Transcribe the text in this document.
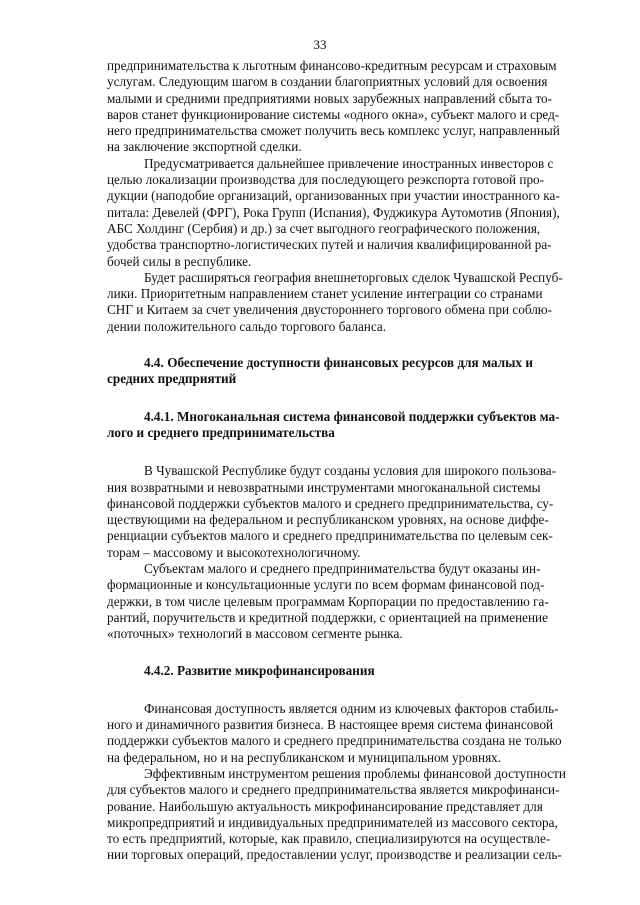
33
предпринимательства к льготным финансово-кредитным ресурсам и страховым
услугам. Следующим шагом в создании благоприятных условий для освоения
малыми и средними предприятиями новых зарубежных направлений сбыта то-
варов станет функционирование системы «одного окна», субъект малого и сред-
него предпринимательства сможет получить весь комплекс услуг, направленный
на заключение экспортной сделки.
Предусматривается дальнейшее привлечение иностранных инвесторов с
целью локализации производства для последующего реэкспорта готовой про-
дукции (наподобие организаций, организованных при участии иностранного ка-
питала: Девелей (ФРГ), Рока Групп (Испания), Фуджикура Аутомотив (Япония),
АБС Холдинг (Сербия) и др.) за счет выгодного географического положения,
удобства транспортно-логистических путей и наличия квалифицированной ра-
бочей силы в республике.
Будет расширяться география внешнеторговых сделок Чувашской Респуб-
лики. Приоритетным направлением станет усиление интеграции со странами
СНГ и Китаем за счет увеличения двустороннего торгового обмена при соблю-
дении положительного сальдо торгового баланса.
4.4. Обеспечение доступности финансовых ресурсов для малых и
средних предприятий
4.4.1. Многоканальная система финансовой поддержки субъектов ма-
лого и среднего предпринимательства
В Чувашской Республике будут созданы условия для широкого пользова-
ния возвратными и невозвратными инструментами многоканальной системы
финансовой поддержки субъектов малого и среднего предпринимательства, су-
ществующими на федеральном и республиканском уровнях, на основе диффе-
ренциации субъектов малого и среднего предпринимательства по целевым сек-
торам – массовому и высокотехнологичному.
Субъектам малого и среднего предпринимательства будут оказаны ин-
формационные и консультационные услуги по всем формам финансовой под-
держки, в том числе целевым программам Корпорации по предоставлению га-
рантий, поручительств и кредитной поддержки, с ориентацией на применение
«поточных» технологий в массовом сегменте рынка.
4.4.2. Развитие микрофинансирования
Финансовая доступность является одним из ключевых факторов стабиль-
ного и динамичного развития бизнеса. В настоящее время система финансовой
поддержки субъектов малого и среднего предпринимательства создана не только
на федеральном, но и на республиканском и муниципальном уровнях.
Эффективным инструментом решения проблемы финансовой доступности
для субъектов малого и среднего предпринимательства является микрофинанси-
рование. Наибольшую актуальность микрофинансирование представляет для
микропредприятий и индивидуальных предпринимателей из массового сектора,
то есть предприятий, которые, как правило, специализируются на осуществле-
нии торговых операций, предоставлении услуг, производстве и реализации сель-
